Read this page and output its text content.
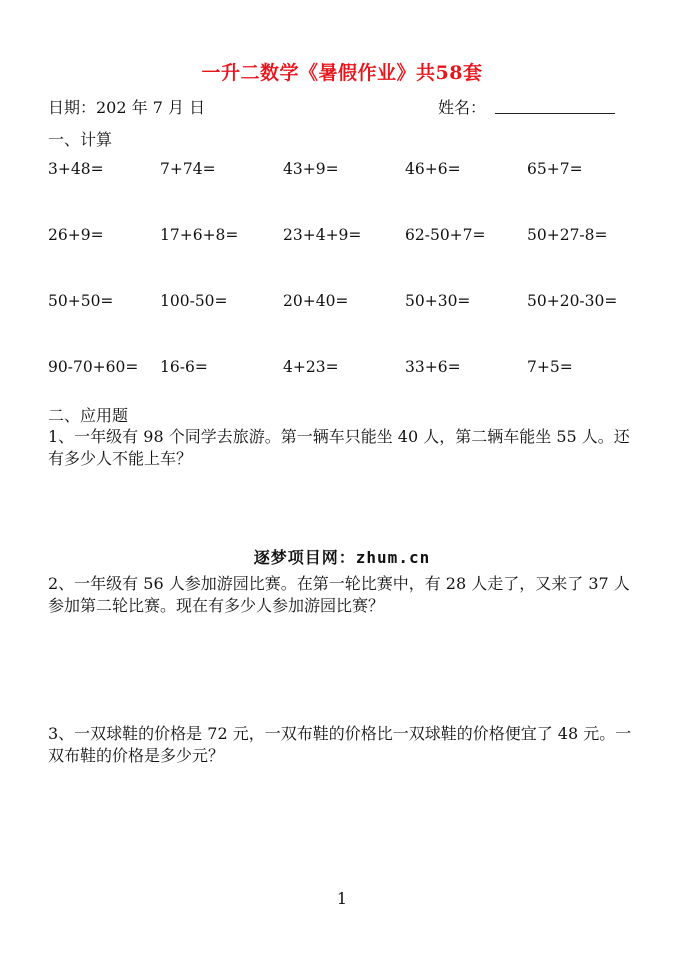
一升二数学《暑假作业》共58套
日期：202 年 7 月 日	姓名：
一、计算
3+48=	7+74=	43+9=	46+6=	65+7=
26+9=	17+6+8=	23+4+9=	62-50+7=	50+27-8=
50+50=	100-50=	20+40=	50+30=	50+20-30=
90-70+60= 16-6=	4+23=	33+6=	7+5=
二、应用题
1、一年级有 98 个同学去旅游。第一辆车只能坐 40 人，第二辆车能坐 55 人。还有多少人不能上车？
逐梦项目网：zhum.cn
2、一年级有 56 人参加游园比赛。在第一轮比赛中，有 28 人走了，又来了 37 人参加第二轮比赛。现在有多少人参加游园比赛？
3、一双球鞋的价格是 72 元，一双布鞋的价格比一双球鞋的价格便宜了 48 元。一双布鞋的价格是多少元？
1
